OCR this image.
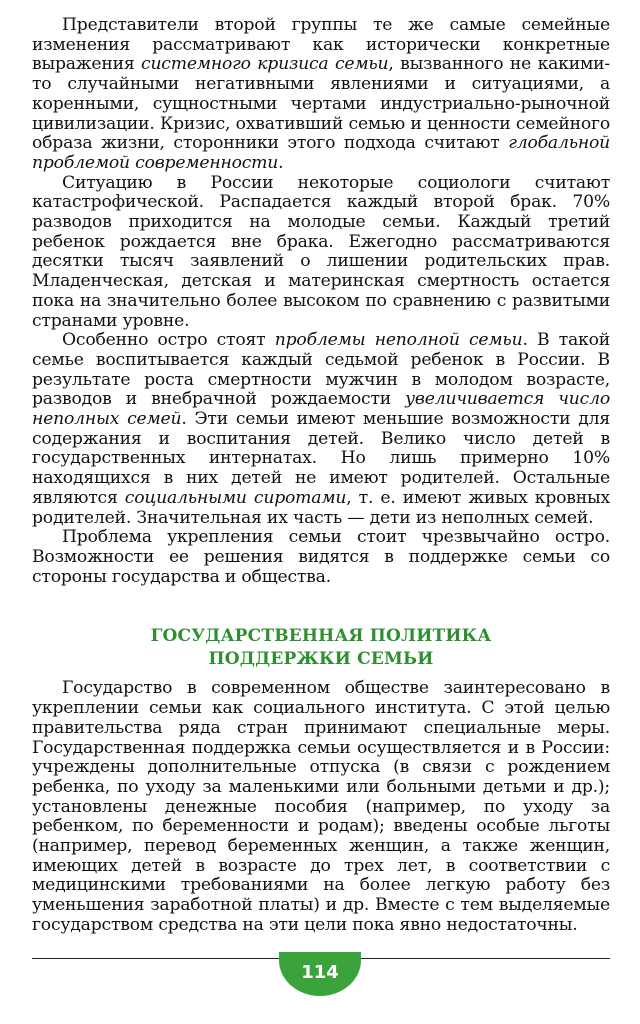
Представители второй группы те же самые семейные изменения рассматривают как исторически конкретные выражения системного кризиса семьи, вызванного не какими-то случайными негативными явлениями и ситуациями, а коренными, сущностными чертами индустриально-рыночной цивилизации. Кризис, охвативший семью и ценности семейного образа жизни, сторонники этого подхода считают глобальной проблемой современности.

Ситуацию в России некоторые социологи считают катастрофической. Распадается каждый второй брак. 70% разводов приходится на молодые семьи. Каждый третий ребенок рождается вне брака. Ежегодно рассматриваются десятки тысяч заявлений о лишении родительских прав. Младенческая, детская и материнская смертность остается пока на значительно более высоком по сравнению с развитыми странами уровне.

Особенно остро стоят проблемы неполной семьи. В такой семье воспитывается каждый седьмой ребенок в России. В результате роста смертности мужчин в молодом возрасте, разводов и внебрачной рождаемости увеличивается число неполных семей. Эти семьи имеют меньшие возможности для содержания и воспитания детей. Велико число детей в государственных интернатах. Но лишь примерно 10% находящихся в них детей не имеют родителей. Остальные являются социальными сиротами, т. е. имеют живых кровных родителей. Значительная их часть — дети из неполных семей.

Проблема укрепления семьи стоит чрезвычайно остро. Возможности ее решения видятся в поддержке семьи со стороны государства и общества.

ГОСУДАРСТВЕННАЯ ПОЛИТИКА
ПОДДЕРЖКИ СЕМЬИ

Государство в современном обществе заинтересовано в укреплении семьи как социального института. С этой целью правительства ряда стран принимают специальные меры. Государственная поддержка семьи осуществляется и в России: учреждены дополнительные отпуска (в связи с рождением ребенка, по уходу за маленькими или больными детьми и др.); установлены денежные пособия (например, по уходу за ребенком, по беременности и родам); введены особые льготы (например, перевод беременных женщин, а также женщин, имеющих детей в возрасте до трех лет, в соответствии с медицинскими требованиями на более легкую работу без уменьшения заработной платы) и др. Вместе с тем выделяемые государством средства на эти цели пока явно недостаточны.

114
